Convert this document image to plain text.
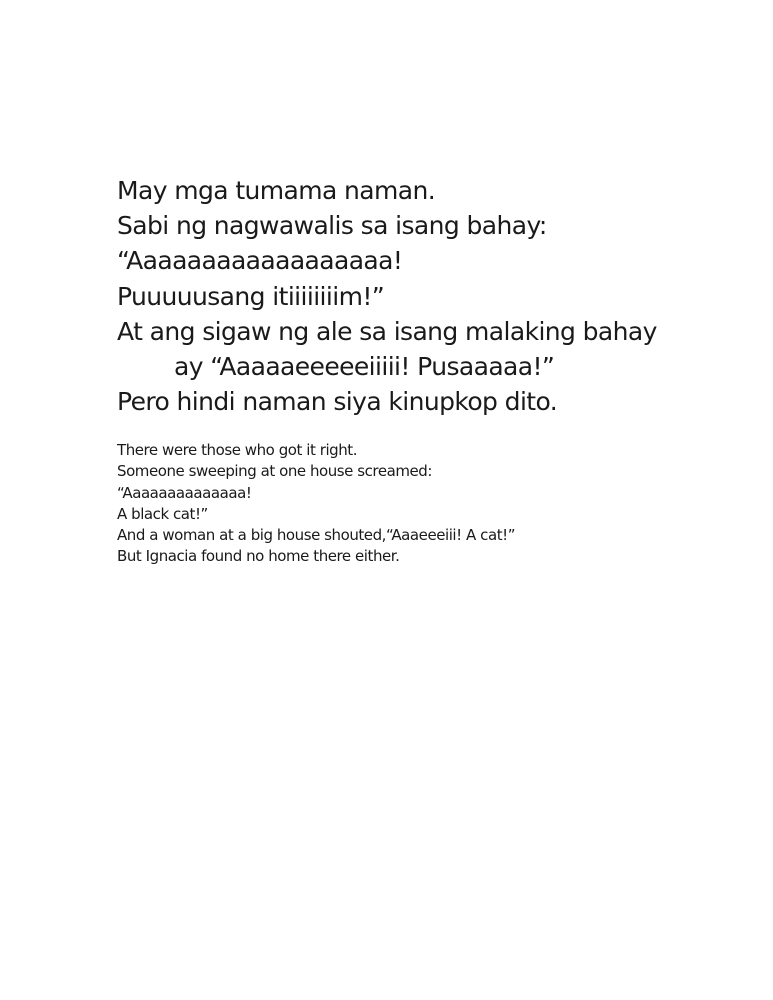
May mga tumama naman.
Sabi ng nagwawalis sa isang bahay:
“Aaaaaaaaaaaaaaaaaa!
Puuuuusang itiiiiiiiim!”
At ang sigaw ng ale sa isang malaking bahay
ay “Aaaaaeeeeeiiiii! Pusaaaaa!”
Pero hindi naman siya kinupkop dito.

There were those who got it right.
Someone sweeping at one house screamed:
“Aaaaaaaaaaaaaa!
A black cat!”
And a woman at a big house shouted,“Aaaeeeiii! A cat!”
But Ignacia found no home there either.
